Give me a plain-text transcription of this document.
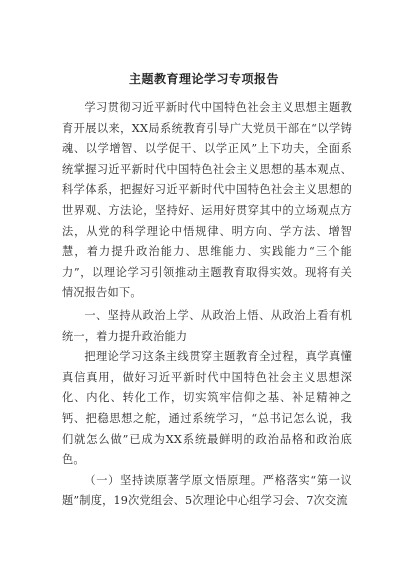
主题教育理论学习专项报告

学习贯彻习近平新时代中国特色社会主义思想主题教育开展以来，XX局系统教育引导广大党员干部在“以学铸魂、以学增智、以学促干、以学正风”上下功夫，全面系统掌握习近平新时代中国特色社会主义思想的基本观点、科学体系，把握好习近平新时代中国特色社会主义思想的世界观、方法论，坚持好、运用好贯穿其中的立场观点方法，从党的科学理论中悟规律、明方向、学方法、增智慧，着力提升政治能力、思维能力、实践能力“三个能力”，以理论学习引领推动主题教育取得实效。现将有关情况报告如下。

一、坚持从政治上学、从政治上悟、从政治上看有机统一，着力提升政治能力

把理论学习这条主线贯穿主题教育全过程，真学真懂真信真用，做好习近平新时代中国特色社会主义思想深化、内化、转化工作，切实筑牢信仰之基、补足精神之钙、把稳思想之舵，通过系统学习，“总书记怎么说，我们就怎么做”已成为XX系统最鲜明的政治品格和政治底色。

（一）坚持读原著学原文悟原理。严格落实“第一议题”制度，19次党组会、5次理论中心组学习会、7次交流
